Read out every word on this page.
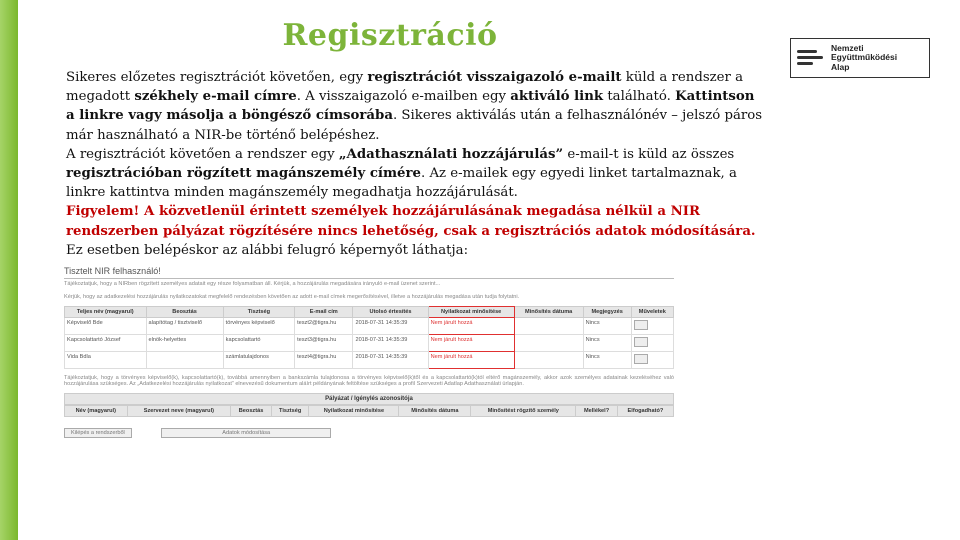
Regisztráció	Nemzeti
Együttműködési
Alap

Sikeres előzetes regisztrációt követően, egy regisztrációt visszaigazoló e-mailt küld a rendszer a megadott székhely e-mail címre. A visszaigazoló e-mailben egy aktiváló link található. Kattintson a linkre vagy másolja a böngésző címsorába. Sikeres aktiválás után a felhasználónév – jelszó páros már használható a NIR-be történő belépéshez.

A regisztrációt követően a rendszer egy „Adathasználati hozzájárulás” e-mail-t is küld az összes regisztrációban rögzített magánszemély címére. Az e-mailek egy egyedi linket tartalmaznak, a linkre kattintva minden magánszemély megadhatja hozzájárulását.

Figyelem! A közvetlenül érintett személyek hozzájárulásának megadása nélkül a NIR rendszerben pályázat rögzítésére nincs lehetőség, csak a regisztrációs adatok módosítására.

Ez esetben belépéskor az alábbi felugró képernyőt láthatja:

Tisztelt NIR felhasználó!
Tájékoztatjuk, hogy a NIRben rögzített személyes adatait egy része folyamatban áll. Kérjük, a hozzájárulás megadására irányuló e-mail üzenet szerint...
Kérjük, hogy az adatkezelési hozzájárulás nyilatkozatokat megfelelő rendezésben követően az adott e-mail címek megerősítésével, illetve a hozzájárulás megadása után tudja folytatni.
Teljes név (magyarul)	Beosztás	Tisztség	E-mail cím	Utolsó értesítés	Nyilatkozat minősítése	Minősítés dátuma	Megjegyzés	Műveletek
Képviselő Bde	alapítótag / tisztviselő	törvényes képviselő	teszt2@tigra.hu	2018-07-31 14:35:39	Nem járult hozzá		Nincs	
Kapcsolattartó József	elnök-helyettes	kapcsolattartó	teszt3@tigra.hu	2018-07-31 14:35:39	Nem járult hozzá		Nincs	
Vida Bdla		számlatulajdonos	teszt4@tigra.hu	2018-07-31 14:35:39	Nem járult hozzá		Nincs	
Tájékoztatjuk, hogy a törvényes képviselő(k), kapcsolattartó(k), továbbá amennyiben a bankszámla tulajdonosa a törvényes képviselő(k)től és a kapcsolattartó(k)tól eltérő magánszemély, akkor azok személyes adatainak kezeléséhez való hozzájárulása szükséges. Az „Adatkezelési hozzájárulás nyilatkozat” elnevezésű dokumentum aláírt példányának feltöltése szükséges a profil Szervezeti Adatlap Adathasználati ürlapján.
Pályázat / Igénylés azonosítója
Név (magyarul)	Szervezet neve (magyarul)	Beosztás	Tisztség	Nyilatkozat minősítése	Minősítés dátuma	Minősítést rögzítő személy	Mellékel?	Elfogadható?
Kilépés a rendszerből	Adatok módosítása
